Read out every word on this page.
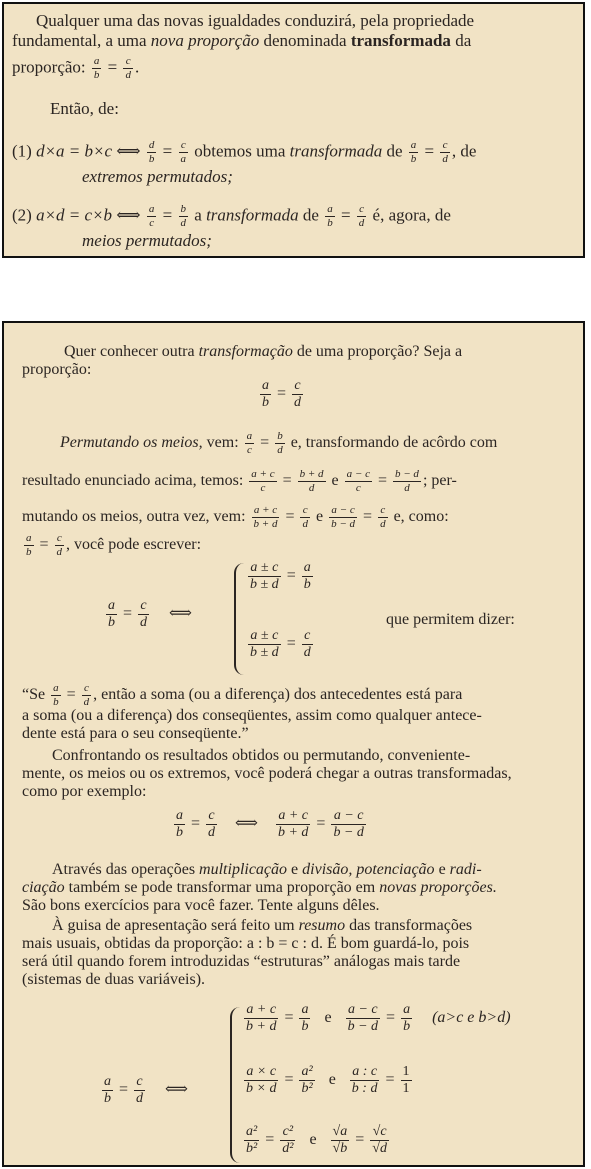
Qualquer uma das novas igualdades conduzirá, pela propriedade
fundamental, a uma nova proporção denominada transformada da
proporção: $\frac{a}{b} = \frac{c}{d}$ .
Então, de:
(1) d×a = b×c ⟺ $\frac{d}{b} = \frac{c}{a}$ obtemos uma transformada de $\frac{a}{b} = \frac{c}{d}$ , de
extremos permutados;
(2) a×d = c×b ⟺ $\frac{a}{c} = \frac{b}{d}$ a transformada de $\frac{a}{b} = \frac{c}{d}$ é, agora, de
meios permutados;
Quer conhecer outra transformação de uma proporção? Seja a
proporção:
$\frac{a}{b} = \frac{c}{d}$
Permutando os meios, vem: $\frac{a}{c} = \frac{b}{d} e$, transformando de acôrdo com
resultado enunciado acima, temos: $\frac{a + c}{c} = \frac{b + d}{d}$ e $\frac{a - c}{c} = \frac{b - d}{d}$ ; per-
mutando os meios, outra vez, vem: $\frac{a + c}{b + d} = \frac{c}{d}$ e $\frac{a - c}{b - d} = \frac{c}{d} e$, como:
$\frac{a}{b} = \frac{c}{d}$ , você pode escrever:
$\frac{a}{b} = \frac{c}{d}$ ⟺
$\frac{a \pm c}{b \pm d} = \frac{a}{b}$
que permitem dizer:
$\frac{a \pm c}{b \pm d} = \frac{c}{d}$
“$Se \frac{a}{b} = \frac{c}{d}$ , então a soma (ou a diferença) dos antecedentes está para
a soma (ou a diferença) dos conseqüentes, assim como qualquer antece-
dente está para o seu conseqüente.”
Confrontando os resultados obtidos ou permutando, conveniente-
mente, os meios ou os extremos, você poderá chegar a outras transformadas,
como por exemplo:
$\frac{a}{b} = \frac{c}{d}$ ⟺ $\frac{a + c}{b + d} = \frac{a - c}{b - d}$
Através das operações multiplicação e divisão, potenciação e radi-
ciação também se pode transformar uma proporção em novas proporções.
São bons exercícios para você fazer. Tente alguns dêles.
À guisa de apresentação será feito um resumo das transformações
mais usuais, obtidas da proporção: a : b = c : d. É bom guardá-lo, pois
será útil quando forem introduzidas “estruturas” análogas mais tarde
(sistemas de duas variáveis).
$\frac{a}{b} = \frac{c}{d}$ ⟺
$\frac{a + c}{b + d} = \frac{a}{b}$ e $\frac{a - c}{b - d} = \frac{a}{b} (a>c$ e b>d)
$\frac{a \times c}{b \times d} = \frac{\text{a²}}{\text{b²}}$ e $\frac{a : c}{b : d} = \frac{1}{1}$
$\frac{\text{a²}}{\text{b²}} = \frac{\text{c²}}{\text{d²}}$ e $\frac{√a}{√b} = \frac{√c}{√d}$
